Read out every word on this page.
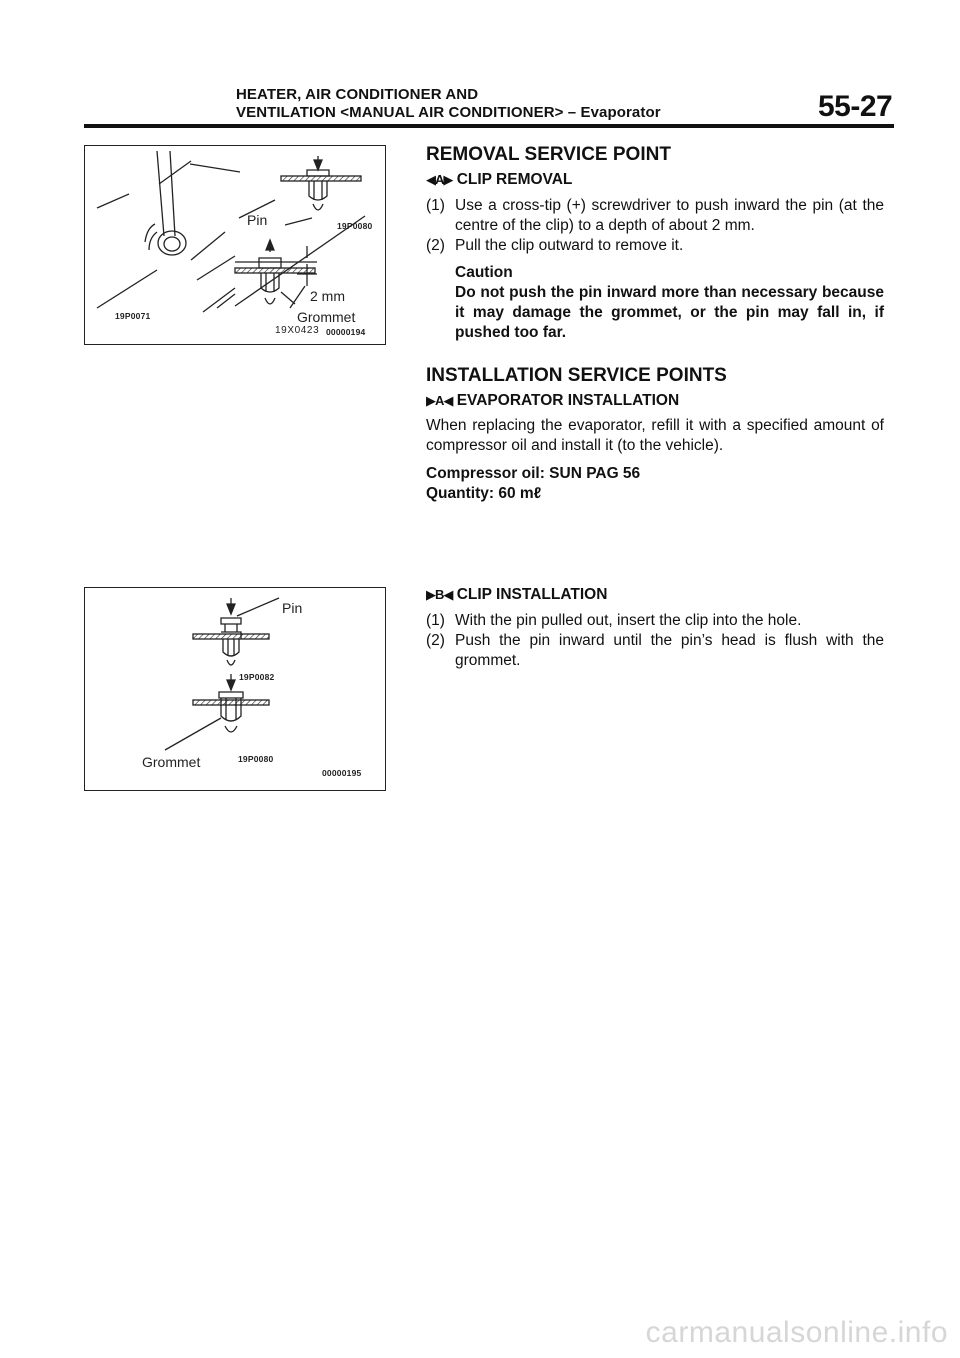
HEATER, AIR CONDITIONER AND
VENTILATION <MANUAL AIR CONDITIONER> – Evaporator	55-27
Pin	19P0080
2 mm
Grommet
19P0071
19X0423 00000194
Pin
19P0082
Grommet	19P0080
00000195
REMOVAL SERVICE POINT
◀A▶ CLIP REMOVAL
(1) Use a cross-tip (+) screwdriver to push inward the pin (at the centre of the clip) to a depth of about 2 mm.
(2) Pull the clip outward to remove it.
Caution
Do not push the pin inward more than necessary because it may damage the grommet, or the pin may fall in, if pushed too far.
INSTALLATION SERVICE POINTS
▶A◀ EVAPORATOR INSTALLATION

When replacing the evaporator, refill it with a specified amount of compressor oil and install it (to the vehicle).

Compressor oil: SUN PAG 56

Quantity: 60 mℓ

▶B◀ CLIP INSTALLATION
(1) With the pin pulled out, insert the clip into the hole.
(2) Push the pin inward until the pin’s head is flush with the grommet.
carmanualsonline.info
